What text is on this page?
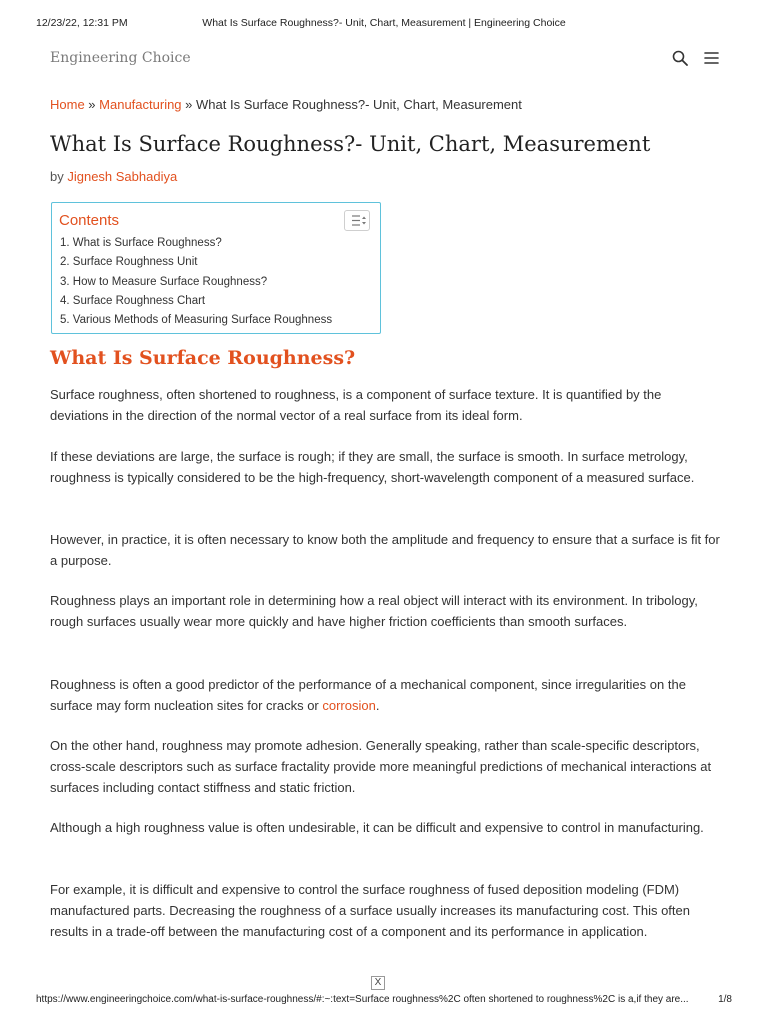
12/23/22, 12:31 PM	What Is Surface Roughness?- Unit, Chart, Measurement | Engineering Choice
Engineering Choice
Home » Manufacturing » What Is Surface Roughness?- Unit, Chart, Measurement
What Is Surface Roughness?- Unit, Chart, Measurement
by Jignesh Sabhadiya
Contents
1. What is Surface Roughness?
2. Surface Roughness Unit
3. How to Measure Surface Roughness?
4. Surface Roughness Chart
5. Various Methods of Measuring Surface Roughness
What Is Surface Roughness?

Surface roughness, often shortened to roughness, is a component of surface texture. It is quantified by the deviations in the direction of the normal vector of a real surface from its ideal form.

If these deviations are large, the surface is rough; if they are small, the surface is smooth. In surface metrology, roughness is typically considered to be the high-frequency, short-wavelength component of a measured surface.

However, in practice, it is often necessary to know both the amplitude and frequency to ensure that a surface is fit for a purpose.

Roughness plays an important role in determining how a real object will interact with its environment. In tribology, rough surfaces usually wear more quickly and have higher friction coefficients than smooth surfaces.

Roughness is often a good predictor of the performance of a mechanical component, since irregularities on the surface may form nucleation sites for cracks or corrosion.

On the other hand, roughness may promote adhesion. Generally speaking, rather than scale-specific descriptors, cross-scale descriptors such as surface fractality provide more meaningful predictions of mechanical interactions at surfaces including contact stiffness and static friction.

Although a high roughness value is often undesirable, it can be difficult and expensive to control in manufacturing.

For example, it is difficult and expensive to control the surface roughness of fused deposition modeling (FDM) manufactured parts. Decreasing the roughness of a surface usually increases its manufacturing cost. This often results in a trade-off between the manufacturing cost of a component and its performance in application.

X
https://www.engineeringchoice.com/what-is-surface-roughness/#:~:text=Surface roughness%2C often shortened to roughness%2C is a,if they are...	1/8
